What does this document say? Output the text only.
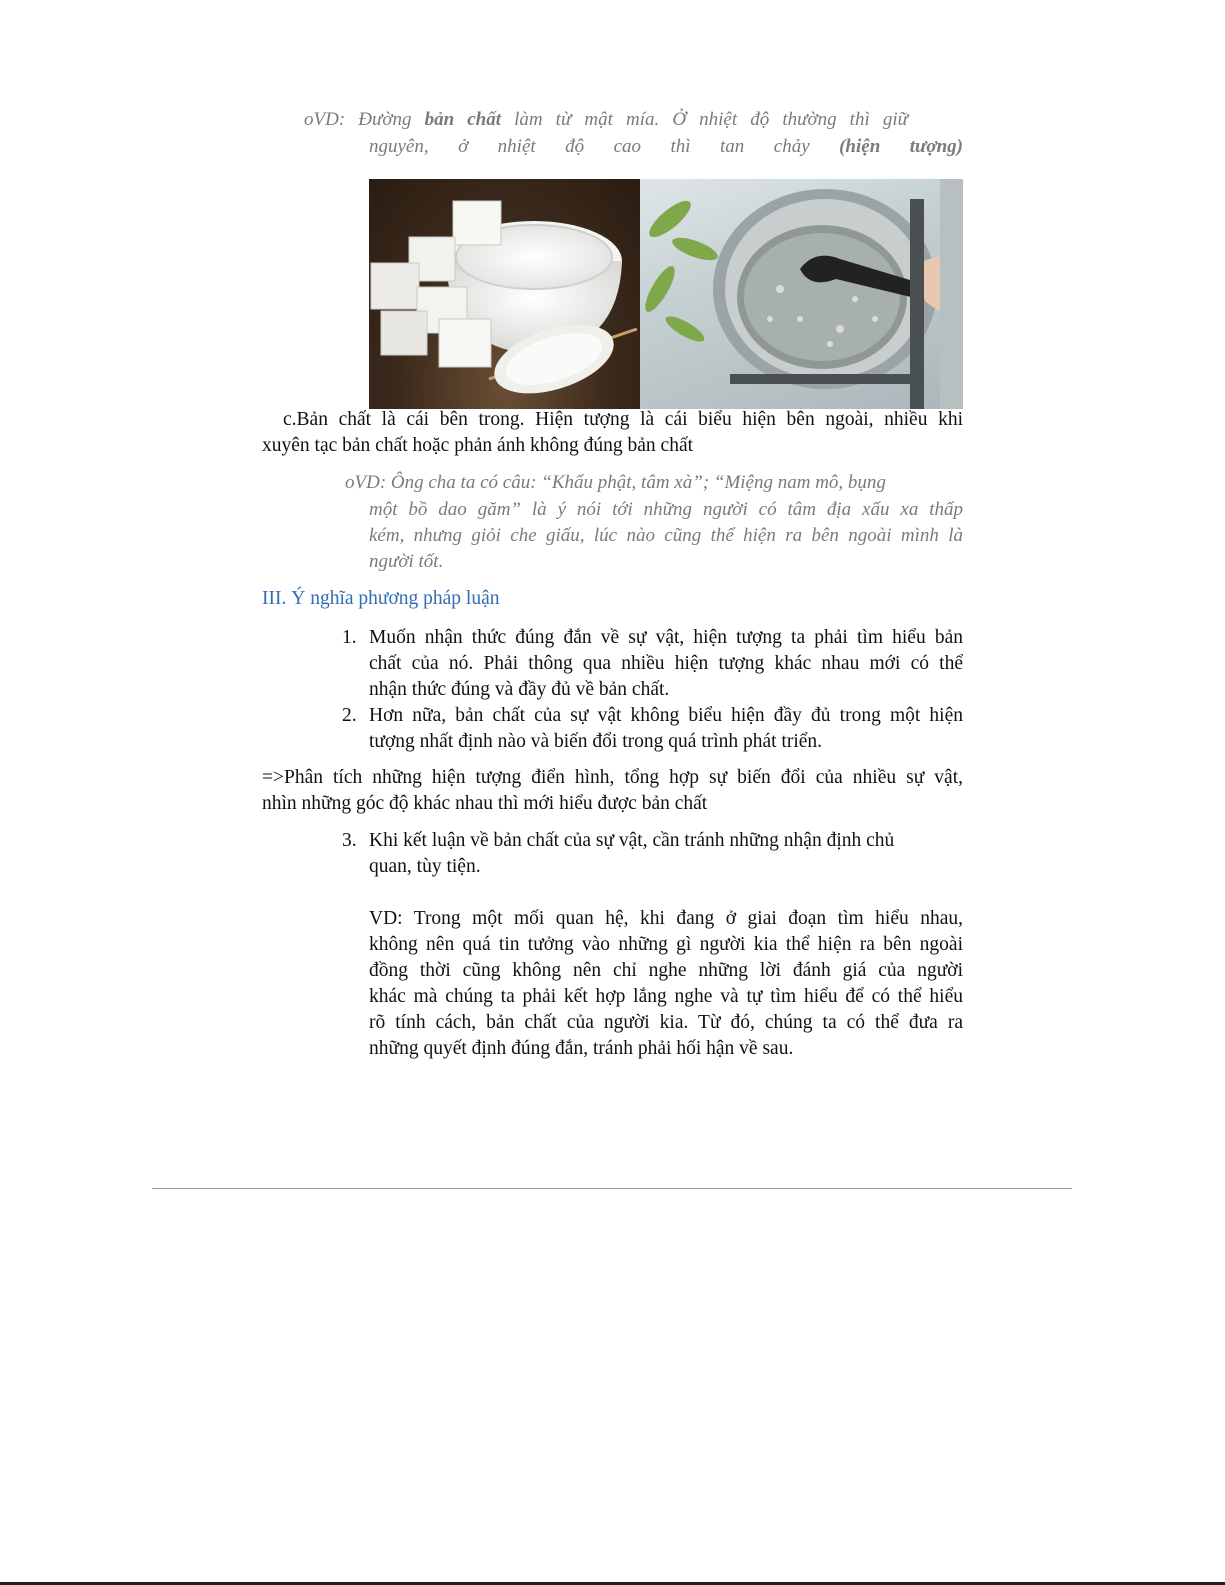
oVD: Đường bản chất làm từ mật mía. Ở nhiệt độ thường thì giữ
nguyên, ở nhiệt độ cao thì tan chảy (hiện tượng)
c.Bản chất là cái bên trong. Hiện tượng là cái biểu hiện bên ngoài, nhiều khi
xuyên tạc bản chất hoặc phản ánh không đúng bản chất
oVD: Ông cha ta có câu: “Khẩu phật, tâm xà”; “Miệng nam mô, bụng
một bồ dao găm” là ý nói tới những người có tâm địa xấu xa thấp
kém, nhưng giỏi che giấu, lúc nào cũng thể hiện ra bên ngoài mình là
người tốt.
III. Ý nghĩa phương pháp luận
1. Muốn nhận thức đúng đắn về sự vật, hiện tượng ta phải tìm hiểu bản
chất của nó. Phải thông qua nhiều hiện tượng khác nhau mới có thể
nhận thức đúng và đầy đủ về bản chất.
2. Hơn nữa, bản chất của sự vật không biểu hiện đầy đủ trong một hiện
tượng nhất định nào và biến đổi trong quá trình phát triển.
=>Phân tích những hiện tượng điển hình, tổng hợp sự biến đổi của nhiều sự vật,
nhìn những góc độ khác nhau thì mới hiểu được bản chất
3. Khi kết luận về bản chất của sự vật, cần tránh những nhận định chủ
quan, tùy tiện.
VD: Trong một mối quan hệ, khi đang ở giai đoạn tìm hiểu nhau,
không nên quá tin tưởng vào những gì người kia thể hiện ra bên ngoài
đồng thời cũng không nên chỉ nghe những lời đánh giá của người
khác mà chúng ta phải kết hợp lắng nghe và tự tìm hiểu để có thể hiểu
rõ tính cách, bản chất của người kia. Từ đó, chúng ta có thể đưa ra
những quyết định đúng đắn, tránh phải hối hận về sau.
